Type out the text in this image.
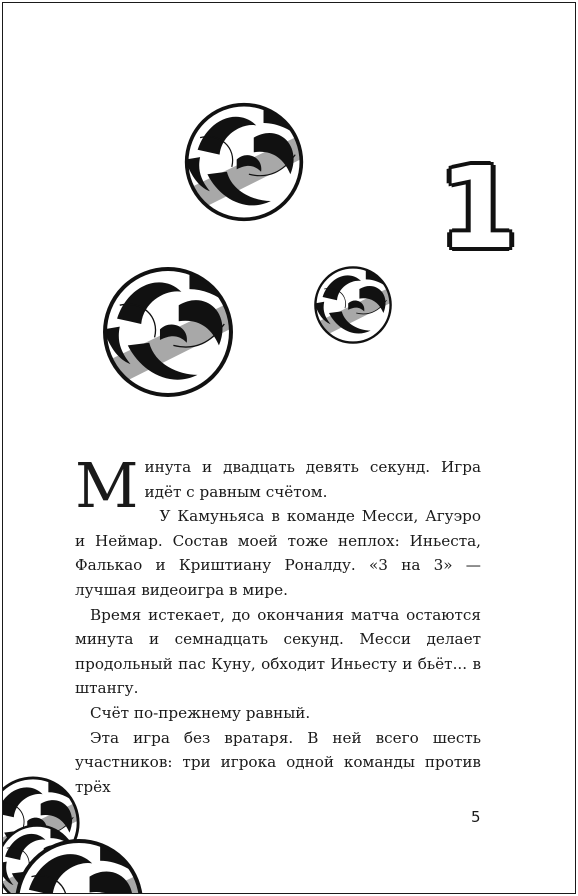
1

Минута и двадцать девять секунд. Игра идёт с равным счётом.

У Камуньяса в команде Месси, Агуэро и Неймар. Состав моей тоже неплох: Иньеста, Фалькао и Криштиану Роналду. «3 на 3» — лучшая видеоигра в мире.

Время истекает, до окончания матча остаются минута и семнадцать секунд. Месси делает продольный пас Куну, обходит Иньесту и бьёт... в штангу.

Счёт по-прежнему равный.

Эта игра без вратаря. В ней всего шесть участников: три игрока одной команды против трёх

5
